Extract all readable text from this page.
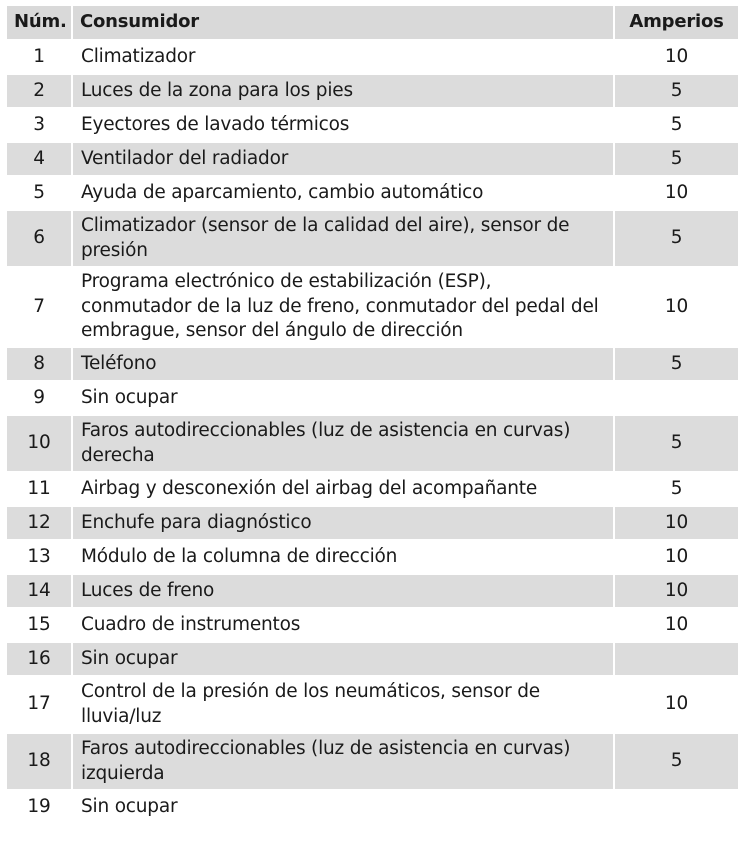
Núm.	Consumidor	Amperios
1	Climatizador	10
2	Luces de la zona para los pies	5
3	Eyectores de lavado térmicos	5
4	Ventilador del radiador	5
5	Ayuda de aparcamiento, cambio automático	10
6	Climatizador (sensor de la calidad del aire), sensor de presión	5
7	Programa electrónico de estabilización (ESP), conmutador de la luz de freno, conmutador del pedal del embrague, sensor del ángulo de dirección	10
8	Teléfono	5
9	Sin ocupar	
10	Faros autodireccionables (luz de asistencia en curvas) derecha	5
11	Airbag y desconexión del airbag del acompañante	5
12	Enchufe para diagnóstico	10
13	Módulo de la columna de dirección	10
14	Luces de freno	10
15	Cuadro de instrumentos	10
16	Sin ocupar	
17	Control de la presión de los neumáticos, sensor de lluvia/luz	10
18	Faros autodireccionables (luz de asistencia en curvas) izquierda	5
19	Sin ocupar	
